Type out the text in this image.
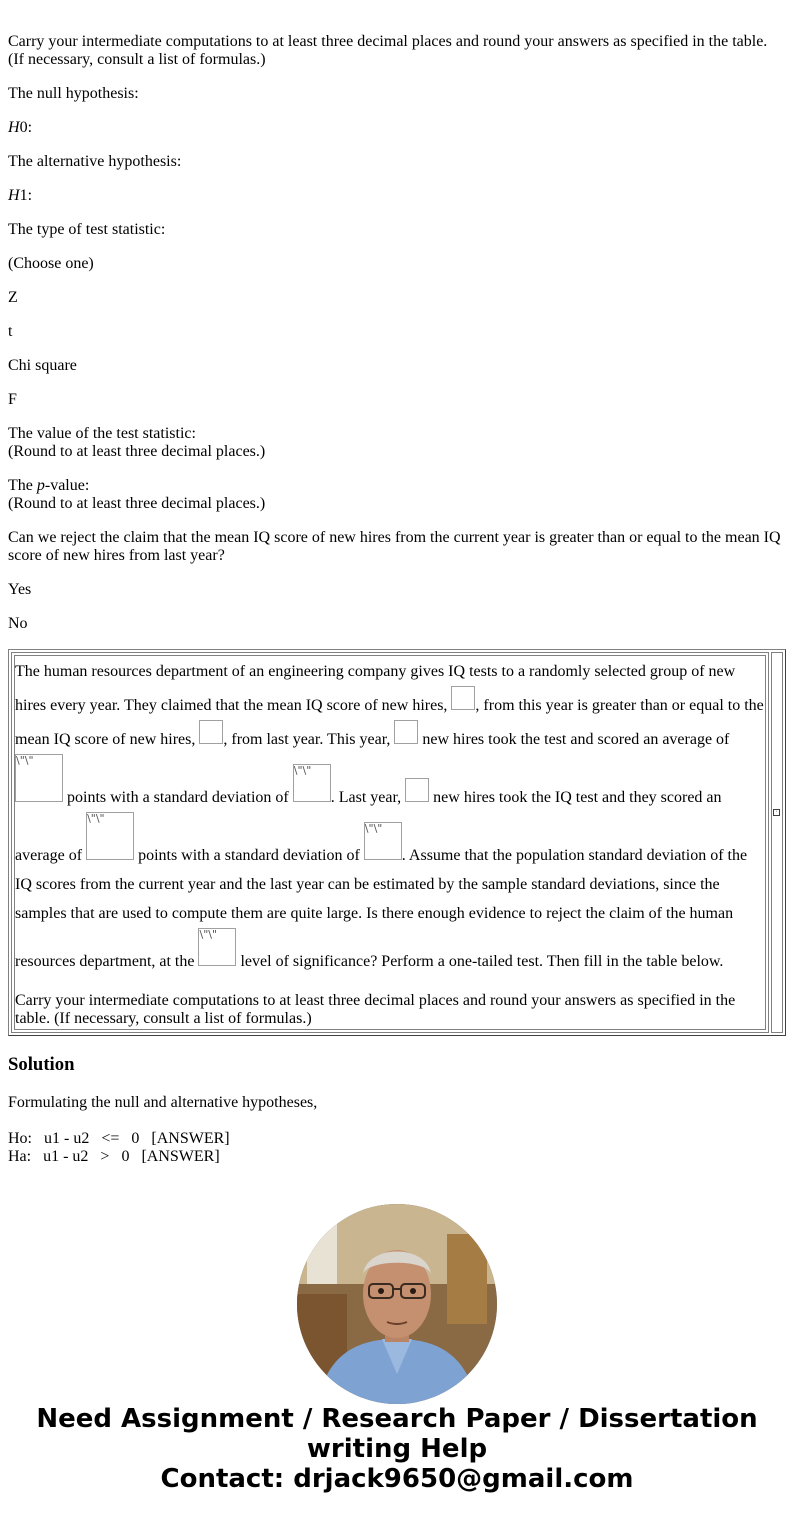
Carry your intermediate computations to at least three decimal places and round your answers as specified in the table.
(If necessary, consult a list of formulas.)

The null hypothesis:

H0:

The alternative hypothesis:

H1:

The type of test statistic:

(Choose one)

Z

t

Chi square

F

The value of the test statistic:
(Round to at least three decimal places.)

The p-value:
(Round to at least three decimal places.)

Can we reject the claim that the mean IQ score of new hires from the current year is greater than or equal to the mean IQ score of new hires from last year?

Yes

No

The human resources department of an engineering company gives IQ tests to a randomly selected group of new hires every year. They claimed that the mean IQ score of new hires, , from this year is greater than or equal to the mean IQ score of new hires, , from last year. This year,  new hires took the test and scored an average of \"\" points with a standard deviation of \"\". Last year,  new hires took the IQ test and they scored an average of \"\" points with a standard deviation of \"\". Assume that the population standard deviation of the IQ scores from the current year and the last year can be estimated by the sample standard deviations, since the samples that are used to compute them are quite large. Is there enough evidence to reject the claim of the human resources department, at the \"\" level of significance? Perform a one-tailed test. Then fill in the table below.

Carry your intermediate computations to at least three decimal places and round your answers as specified in the table. (If necessary, consult a list of formulas.)

·
Solution

Formulating the null and alternative hypotheses,

Ho:   u1 - u2   <=   0   [ANSWER]
Ha:   u1 - u2   >   0   [ANSWER]
Need Assignment / Research Paper / Dissertation
writing Help
Contact: drjack9650@gmail.com
